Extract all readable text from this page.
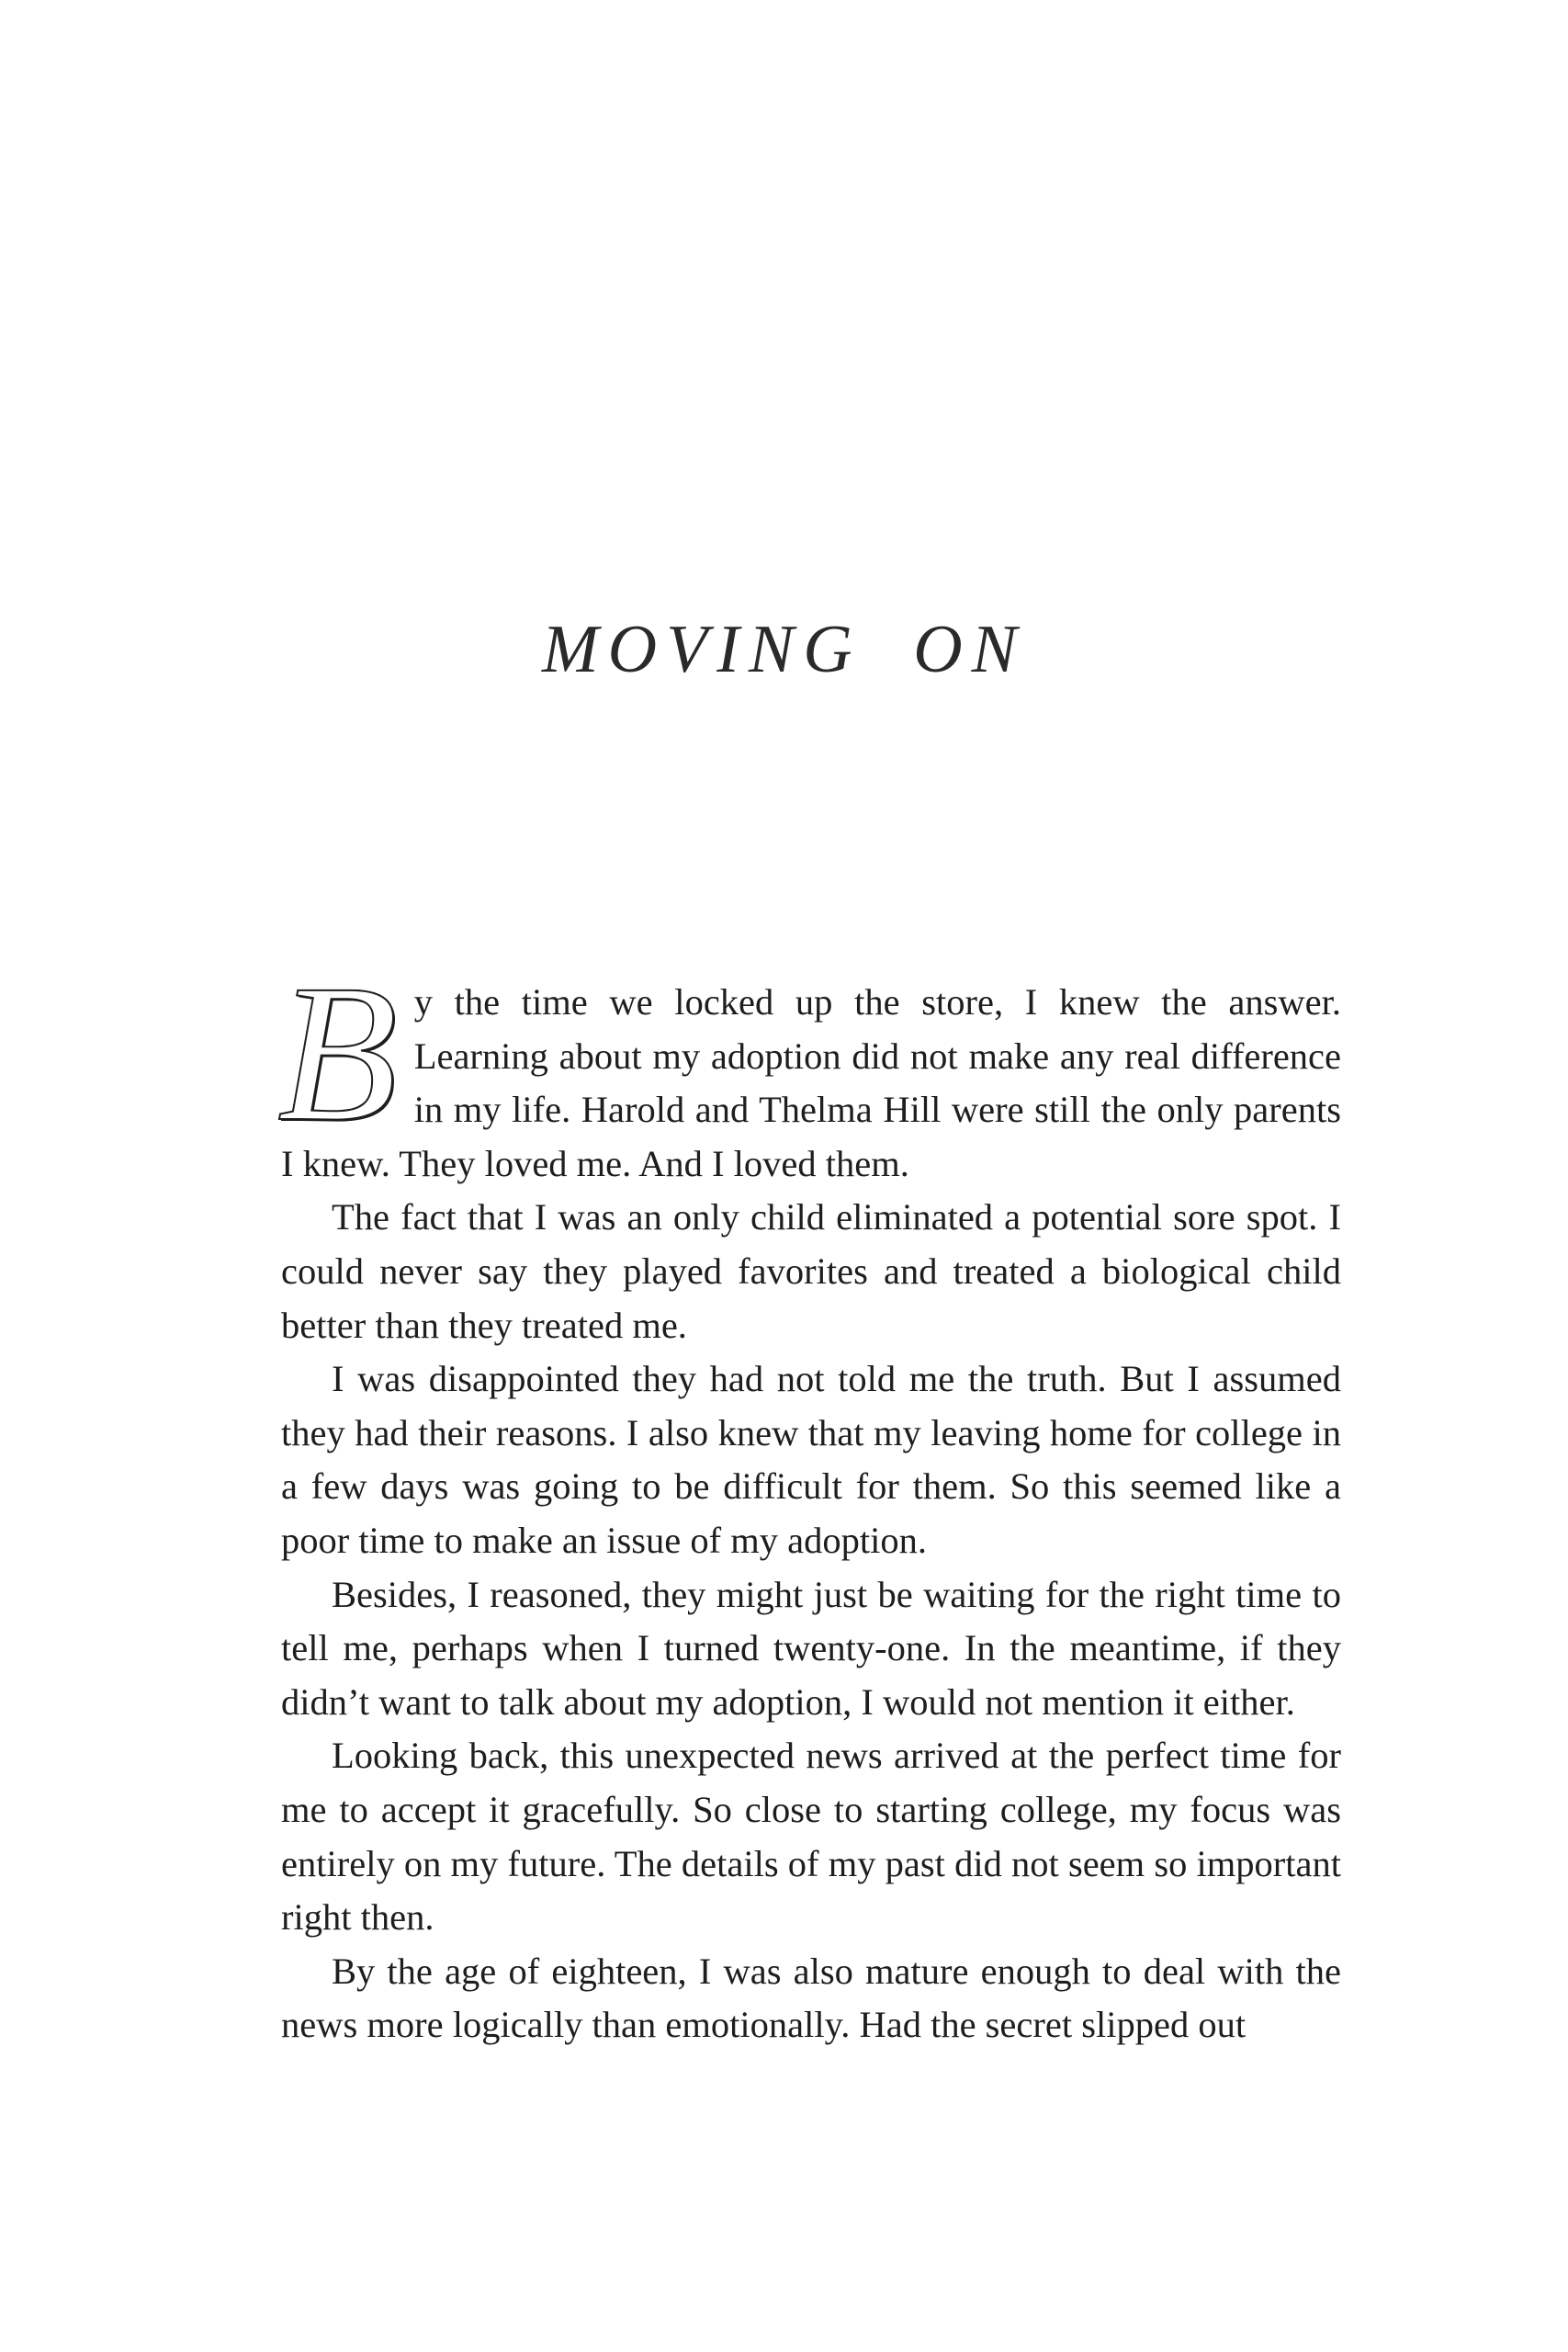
MOVING ON

B y the time we locked up the store, I knew the answer. Learning about my adoption did not make any real difference in my life. Harold and Thelma Hill were still the only parents I knew. They loved me. And I loved them.

The fact that I was an only child eliminated a potential sore spot. I could never say they played favorites and treated a biological child better than they treated me.

I was disappointed they had not told me the truth. But I assumed they had their reasons. I also knew that my leaving home for college in a few days was going to be difficult for them. So this seemed like a poor time to make an issue of my adoption.

Besides, I reasoned, they might just be waiting for the right time to tell me, perhaps when I turned twenty-one. In the meantime, if they didn’t want to talk about my adoption, I would not mention it either.

Looking back, this unexpected news arrived at the perfect time for me to accept it gracefully. So close to starting college, my focus was entirely on my future. The details of my past did not seem so important right then.

By the age of eighteen, I was also mature enough to deal with the news more logically than emotionally. Had the secret slipped out
